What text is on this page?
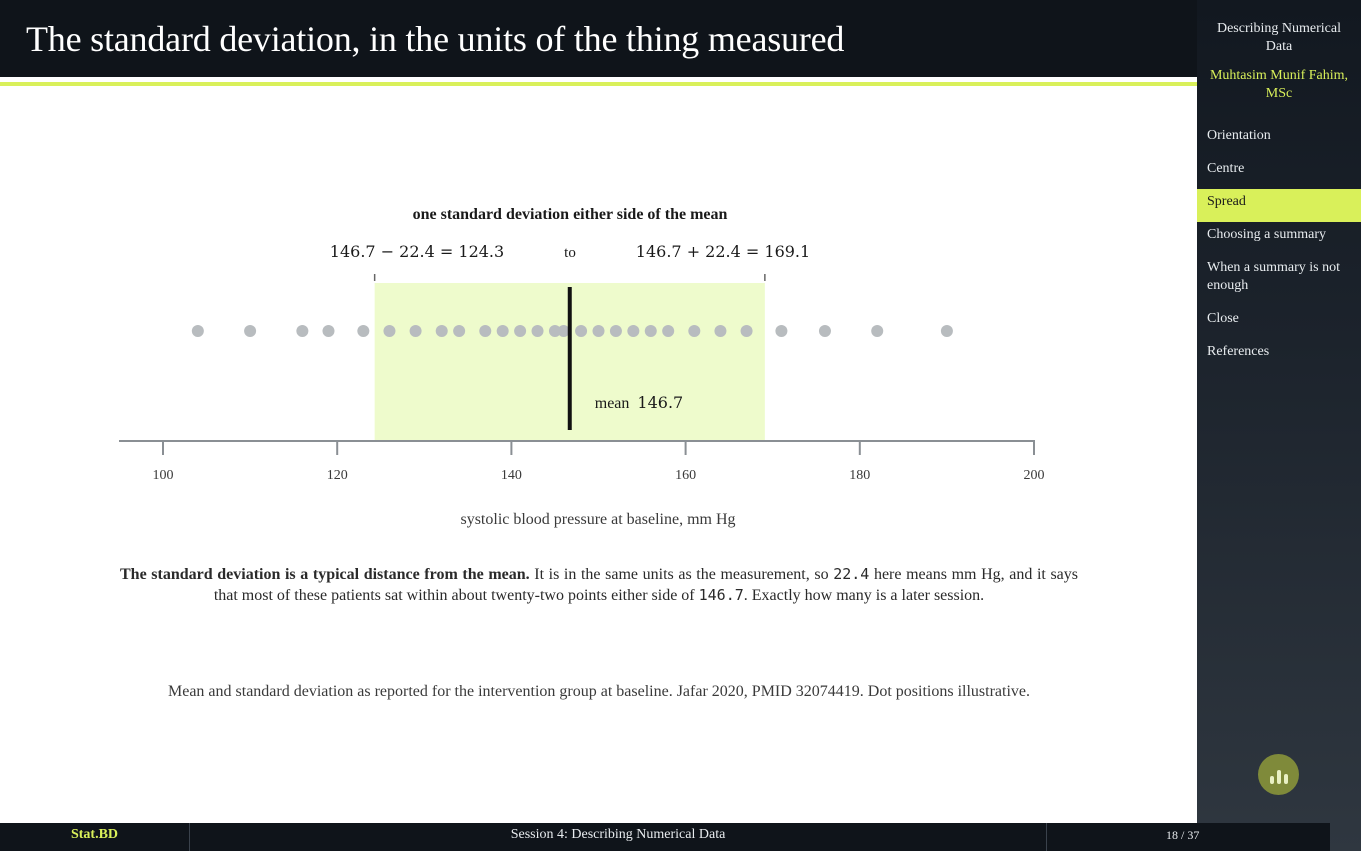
The standard deviation, in the units of the thing measured
one standard deviation either side of the mean
146.7 − 22.4 = 124.3	to	146.7 + 22.4 = 169.1
mean 146.7
100	120	140	160	180	200
systolic blood pressure at baseline, mm Hg
The standard deviation is a typical distance from the mean. It is in the same units as the measurement, so 22.4 here means mm Hg, and it says that most of these patients sat within about twenty-two points either side of 146.7. Exactly how many is a later session.
Mean and standard deviation as reported for the intervention group at baseline. Jafar 2020, PMID 32074419. Dot positions illustrative.
Describing Numerical Data
Muhtasim Munif Fahim, MSc
Orientation
Centre
Spread
Choosing a summary
When a summary is not enough
Close
References
Stat.BD	Session 4: Describing Numerical Data	18 / 37
